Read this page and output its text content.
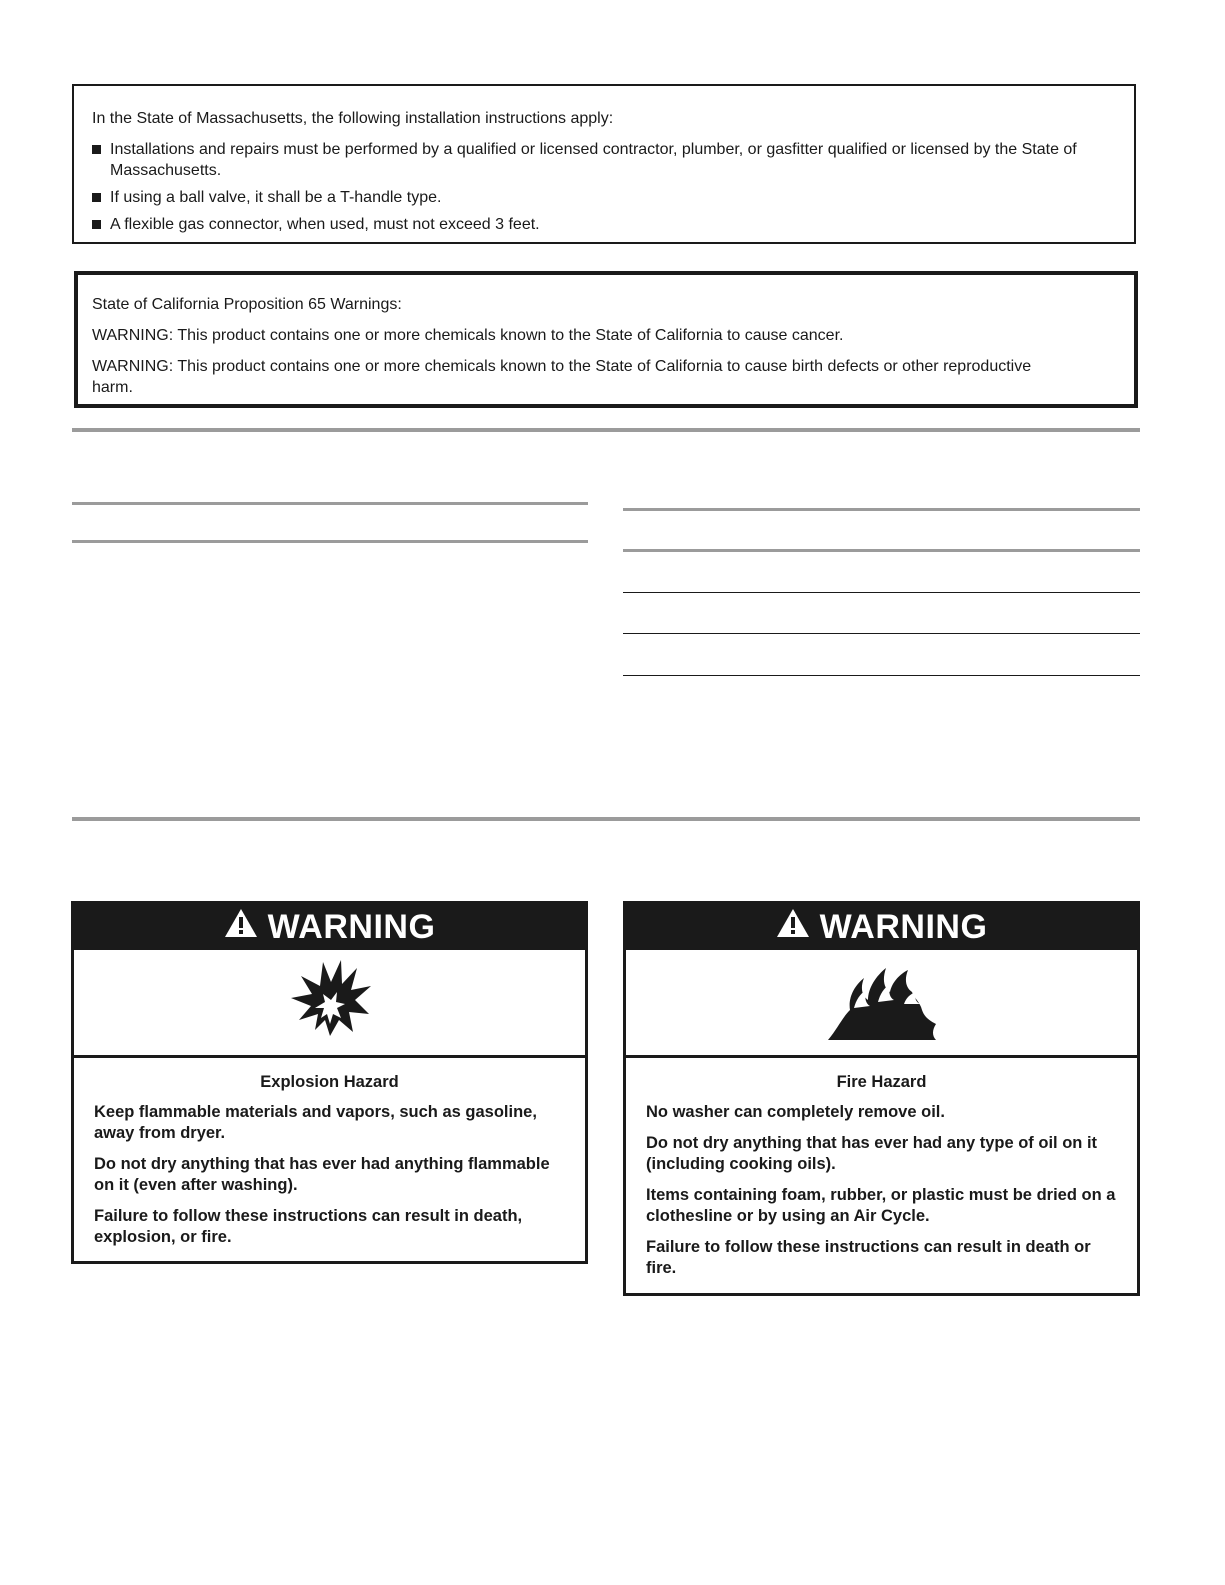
In the State of Massachusetts, the following installation instructions apply:
Installations and repairs must be performed by a qualified or licensed contractor, plumber, or gasfitter qualified or licensed by the State of Massachusetts.
If using a ball valve, it shall be a T-handle type.
A flexible gas connector, when used, must not exceed 3 feet.

State of California Proposition 65 Warnings:

WARNING: This product contains one or more chemicals known to the State of California to cause cancer.

WARNING: This product contains one or more chemicals known to the State of California to cause birth defects or other reproductive harm.

WARNING
Explosion Hazard

Keep flammable materials and vapors, such as gasoline, away from dryer.

Do not dry anything that has ever had anything flammable on it (even after washing).

Failure to follow these instructions can result in death, explosion, or fire.

WARNING
Fire Hazard

No washer can completely remove oil.

Do not dry anything that has ever had any type of oil on it (including cooking oils).

Items containing foam, rubber, or plastic must be dried on a clothesline or by using an Air Cycle.

Failure to follow these instructions can result in death or fire.
